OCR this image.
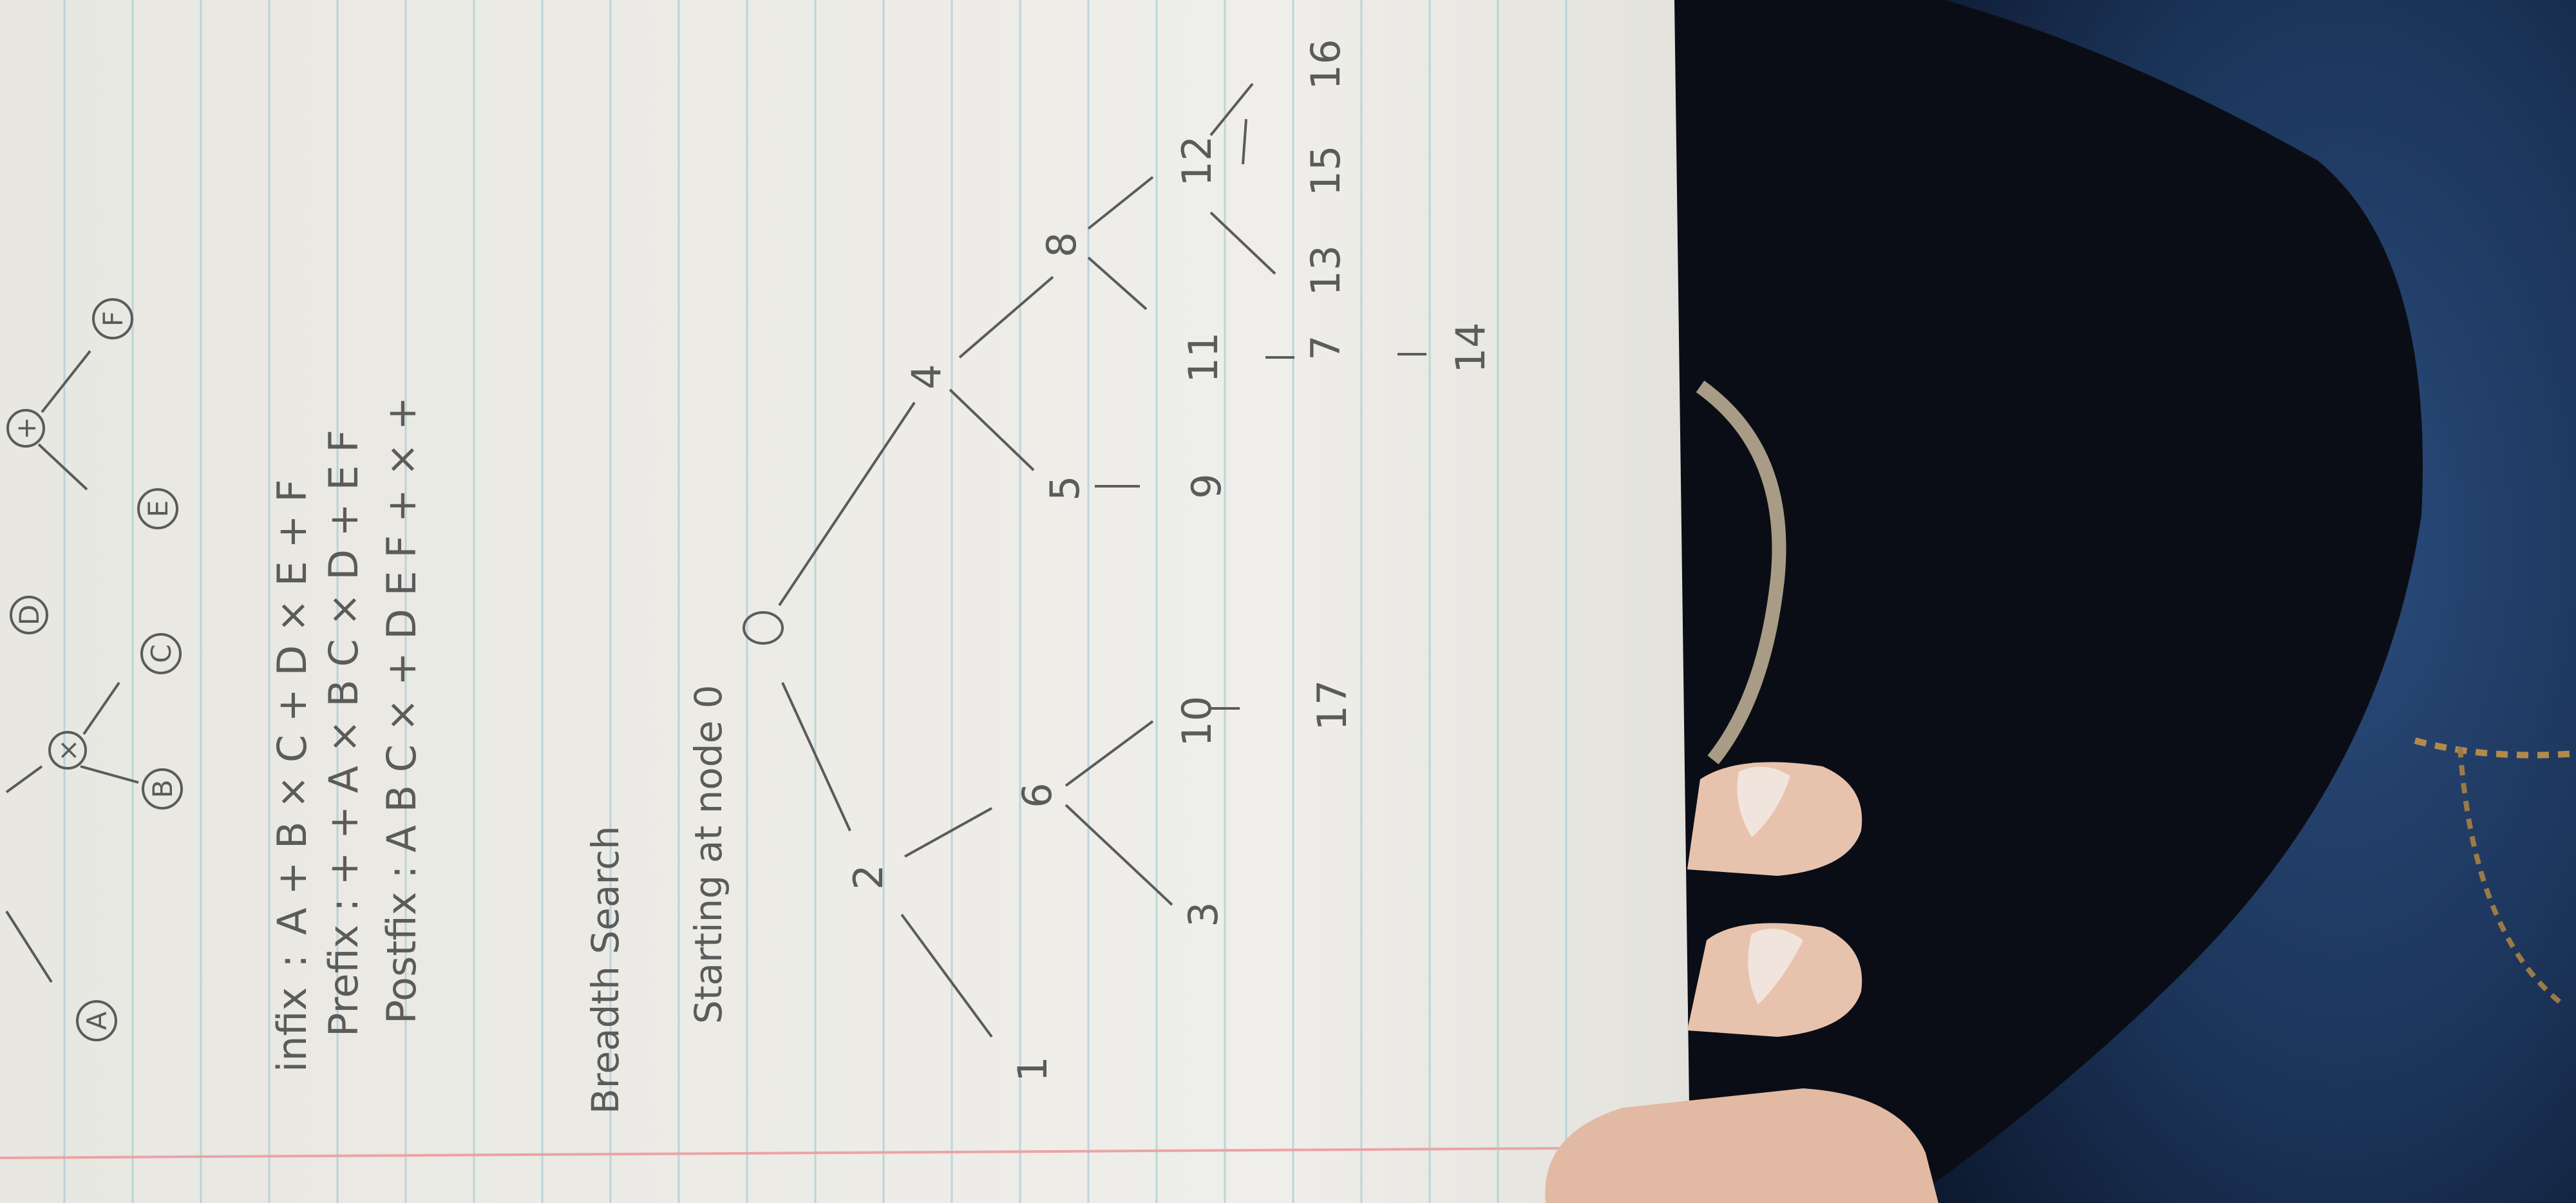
A
B
×
C
D
E
+
F
infix:A + B × C + D × E + F
Prefix:+ + A × B C × D + E F
Postfix:A B C × + D E F + × +
Breadth Search Starting at node 0	2
4
1
6
5 9
8
3
10 17
11 7 14
12
13
15
16
0
